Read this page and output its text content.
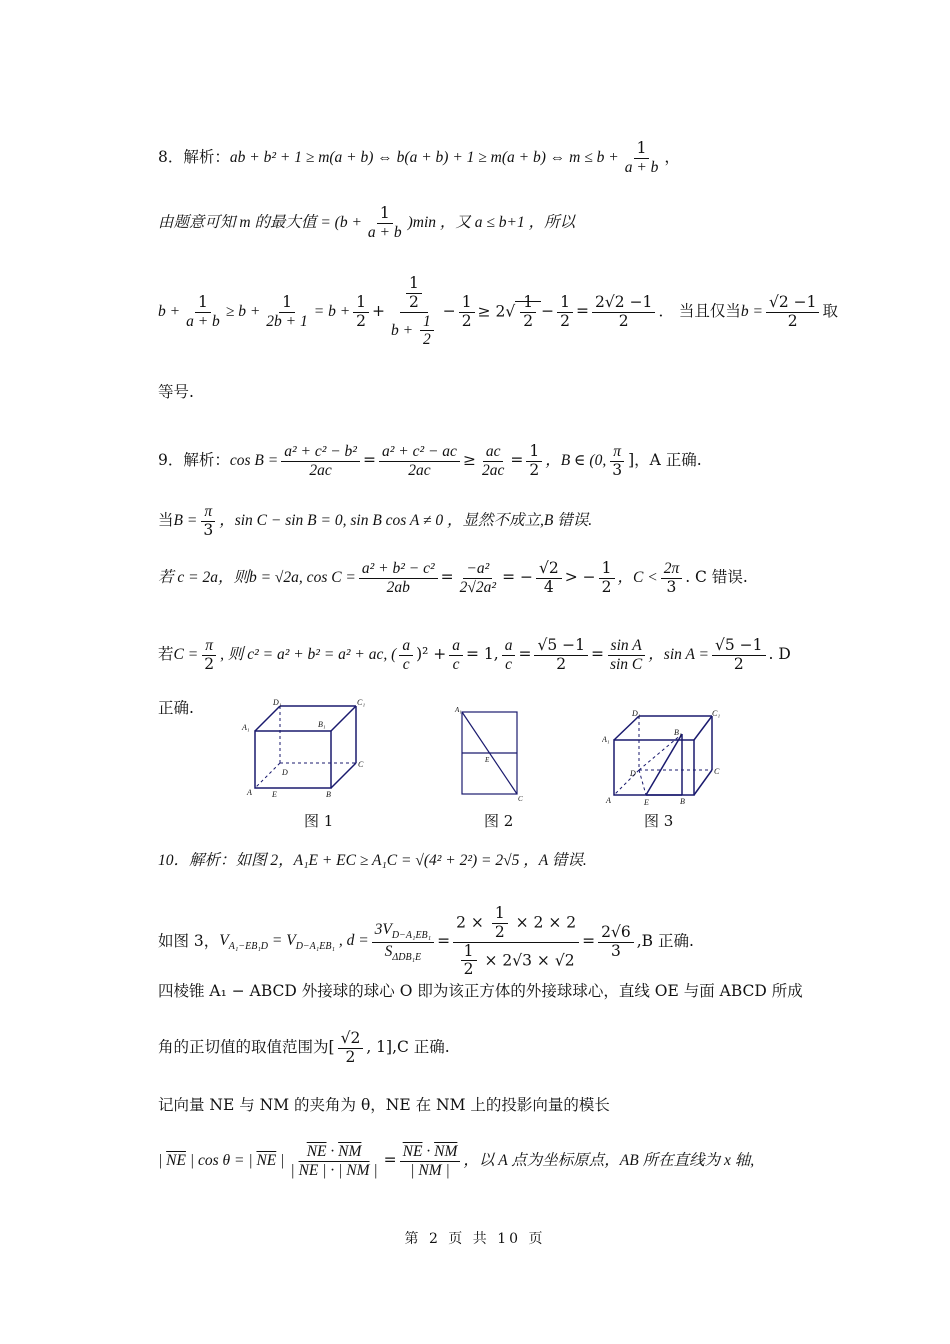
8．解析： ab + b² + 1 ≥ m(a + b) ⇔ b(a + b) + 1 ≥ m(a + b) ⇔ $m \le b + \frac{1}{a + b}$ ，
由题意可知 m 的最大值 = $(b + \frac{1}{a + b} )\min$ ，又 a ≤ b+1 ，所以
$b + \frac{1}{a + b} \ge b + \frac{1}{2b + 1} = b + \frac{1}{2} + \frac{\frac{1}{2}}{b + \frac{1}{2}} - \frac{1}{2} \ge 2√ \frac{1}{2} - \frac{1}{2} = \frac{2√2 -1}{2}$ ． 当且仅当 $b = \frac{√2 -1}{2}$ 取
等号.
9．解析： $\cos B = \frac{\text{a² + c² − b²}}{2ac} = \frac{\text{a² + c² − ac}}{2ac} \ge \frac{ac}{2ac} = \frac{1}{2}$ ，B ∈ (0, $\frac{\pi}{3}$ ] ，A 正确.
当 $B = \frac{\pi}{3}$ ，sin C − sin B = 0, sin B cos A ≠ 0 ，显然不成立,B 错误.
若 c = 2a，则 b = √2a, $\cos C = \frac{\text{a² + b² − c²}}{2ab} = \frac{\text{−a²}}{\text{2√2a²}}$ = − $\frac{√2}{4}$ > − $\frac{1}{2}$ ，$C < \frac{2\pi}{3}$ . C 错误.
若 $C = \frac{\pi}{2}$ , 则 c² = a² + b² = a² + ac, ( $\frac{a}{c} )^2 + \frac{a}{c} = 1$, $\frac{a}{c} = \frac{√5 -1}{2} = \frac{\text{sin A}}{\text{sin C}}$ ，$\sin A = \frac{√5 -1}{2}$ . D
正确.	D₁	C₁
A₁	B₁
D
C
A	E	B
A₁
E
C
D₁	C₁
A₁
B₁
D	C
A	E	B
图 1	图 2	图 3
10．解析：如图 2，A₁E + EC ≥ A₁C = √(4² + 2²) = 2√5 ，A 错误.
如图 3， $V_{A_1-EB_1D} = V_{D-A_1EB_1}$ , $d = \frac{3V_{D-A_1EB_1}}{S_{\Delta DB_1E}} = \frac{2 \times \frac{1}{2} \times 2 \times 2}{\frac{1}{2} \times 2√3 \times √2} = \frac{2√6}{3} ,B$ 正确.
四棱锥 A₁ − ABCD 外接球的球心 O 即为该正方体的外接球球心，直线 OE 与面 ABCD 所成
角的正切值的取值范围为 [ $\frac{√2}{2}$ , 1] ,C 正确.
记向量 NE 与 NM 的夹角为 θ，NE 在 NM 上的投影向量的模长
| $\overline{NE}$ | cos θ = | $\overline{NE}$ | $\frac{\overline{NE} \cdot \overline{NM}}{| \overline{NE} | \cdot | \overline{NM} |} = \frac{\overline{NE} \cdot \overline{NM}}{| \overline{NM} |}$ ，以 A 点为坐标原点，AB 所在直线为 x 轴,
第 2 页 共 10 页
